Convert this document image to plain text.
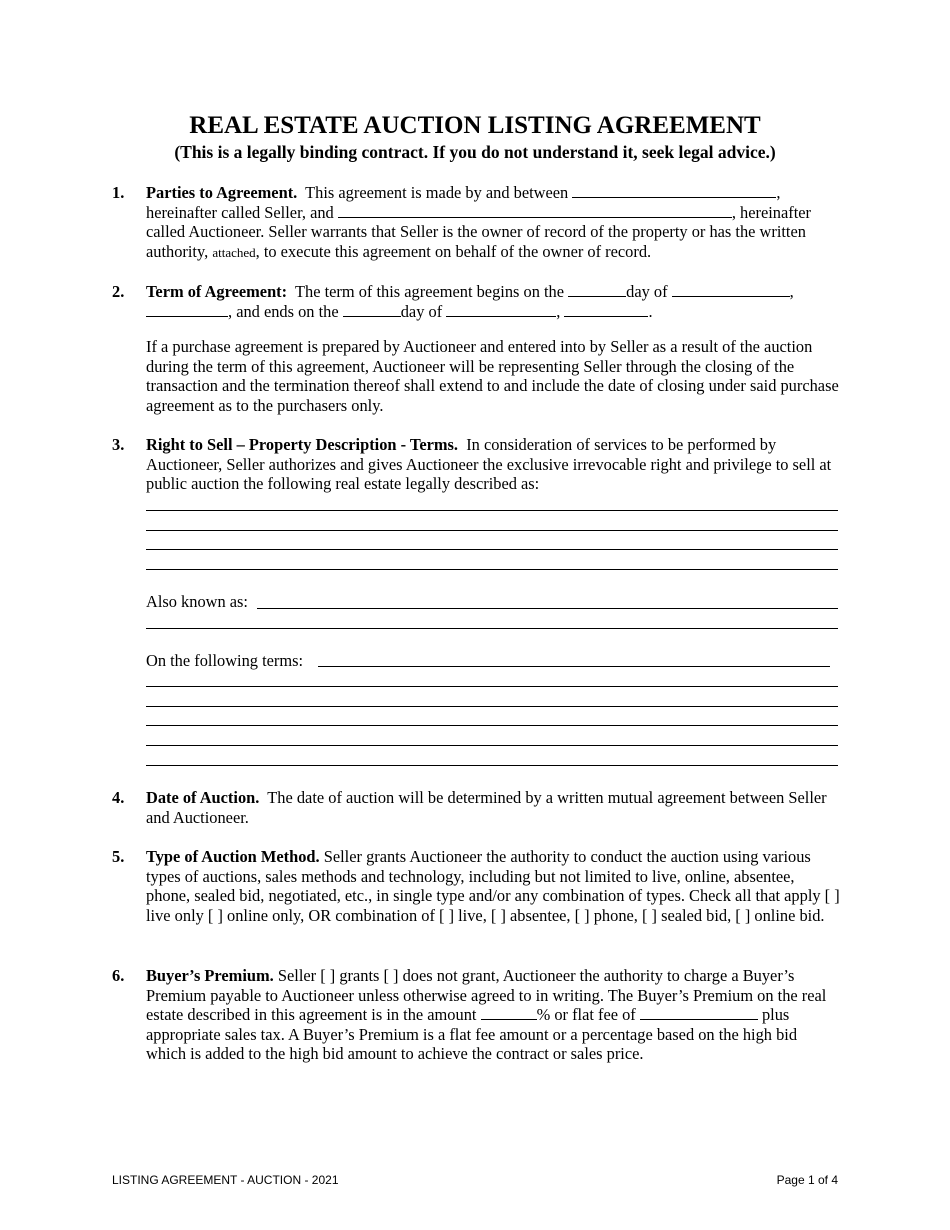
REAL ESTATE AUCTION LISTING AGREEMENT
(This is a legally binding contract. If you do not understand it, seek legal advice.)
1. Parties to Agreement. This agreement is made by and between	, hereinafter called Seller, and	, hereinafter called Auctioneer. Seller warrants that Seller is the owner of record of the property or has the written authority, attached, to execute this agreement on behalf of the owner of record.
2. Term of Agreement: The term of this agreement begins on the	day of	, , and ends on the	day of	,	.
If a purchase agreement is prepared by Auctioneer and entered into by Seller as a result of the auction during the term of this agreement, Auctioneer will be representing Seller through the closing of the transaction and the termination thereof shall extend to and include the date of closing under said purchase agreement as to the purchasers only.
3. Right to Sell – Property Description - Terms. In consideration of services to be performed by Auctioneer, Seller authorizes and gives Auctioneer the exclusive irrevocable right and privilege to sell at public auction the following real estate legally described as:
Also known as:
On the following terms:
4. Date of Auction. The date of auction will be determined by a written mutual agreement between Seller and Auctioneer.
5. Type of Auction Method. Seller grants Auctioneer the authority to conduct the auction using various types of auctions, sales methods and technology, including but not limited to live, online, absentee, phone, sealed bid, negotiated, etc., in single type and/or any combination of types. Check all that apply [ ] live only [ ] online only, OR combination of [ ] live, [ ] absentee, [ ] phone, [ ] sealed bid, [ ] online bid.
6. Buyer’s Premium. Seller [ ] grants [ ] does not grant, Auctioneer the authority to charge a Buyer’s Premium payable to Auctioneer unless otherwise agreed to in writing. The Buyer’s Premium on the real estate described in this agreement is in the amount	% or flat fee of	plus appropriate sales tax. A Buyer’s Premium is a flat fee amount or a percentage based on the high bid which is added to the high bid amount to achieve the contract or sales price.
LISTING AGREEMENT - AUCTION - 2021	Page 1 of 4
